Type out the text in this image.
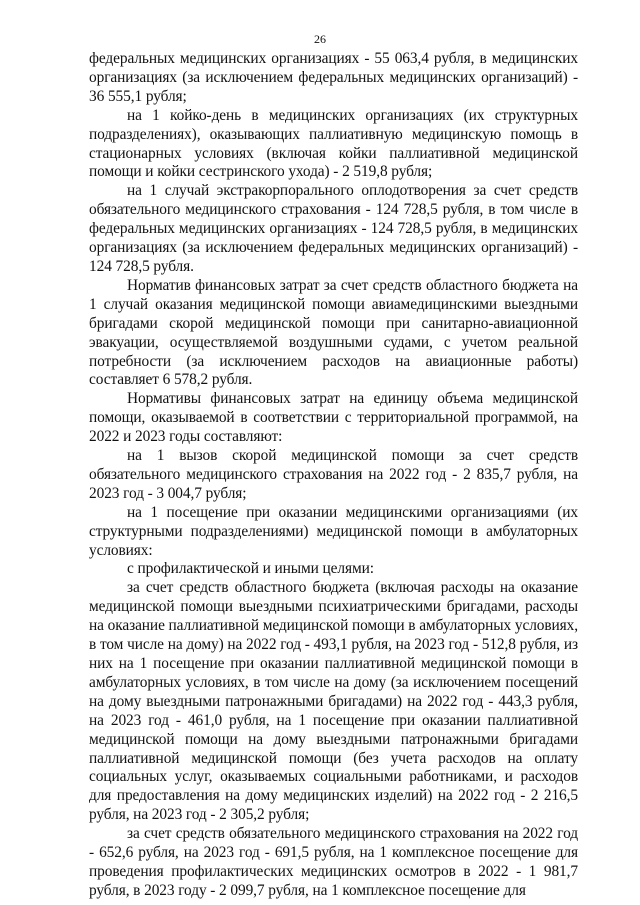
26

федеральных медицинских организациях - 55 063,4 рубля, в медицинских организациях (за исключением федеральных медицинских организаций) - 36 555,1 рубля;

на 1 койко-день в медицинских организациях (их структурных подразделениях), оказывающих паллиативную медицинскую помощь в стационарных условиях (включая койки паллиативной медицинской помощи и койки сестринского ухода) - 2 519,8 рубля;

на 1 случай экстракорпорального оплодотворения за счет средств обязательного медицинского страхования - 124 728,5 рубля, в том числе в федеральных медицинских организациях - 124 728,5 рубля, в медицинских организациях (за исключением федеральных медицинских организаций) - 124 728,5 рубля.

Норматив финансовых затрат за счет средств областного бюджета на 1 случай оказания медицинской помощи авиамедицинскими выездными бригадами скорой медицинской помощи при санитарно-авиационной эвакуации, осуществляемой воздушными судами, с учетом реальной потребности (за исключением расходов на авиационные работы) составляет 6 578,2 рубля.

Нормативы финансовых затрат на единицу объема медицинской помощи, оказываемой в соответствии с территориальной программой, на 2022 и 2023 годы составляют:

на 1 вызов скорой медицинской помощи за счет средств обязательного медицинского страхования на 2022 год - 2 835,7 рубля, на 2023 год - 3 004,7 рубля;

на 1 посещение при оказании медицинскими организациями (их структурными подразделениями) медицинской помощи в амбулаторных условиях:

с профилактической и иными целями:

за счет средств областного бюджета (включая расходы на оказание медицинской помощи выездными психиатрическими бригадами, расходы на оказание паллиативной медицинской помощи в амбулаторных условиях, в том числе на дому) на 2022 год - 493,1 рубля, на 2023 год - 512,8 рубля, из них на 1 посещение при оказании паллиативной медицинской помощи в амбулаторных условиях, в том числе на дому (за исключением посещений на дому выездными патронажными бригадами) на 2022 год - 443,3 рубля, на 2023 год - 461,0 рубля, на 1 посещение при оказании паллиативной медицинской помощи на дому выездными патронажными бригадами паллиативной медицинской помощи (без учета расходов на оплату социальных услуг, оказываемых социальными работниками, и расходов для предоставления на дому медицинских изделий) на 2022 год - 2 216,5 рубля, на 2023 год - 2 305,2 рубля;

за счет средств обязательного медицинского страхования на 2022 год - 652,6 рубля, на 2023 год - 691,5 рубля, на 1 комплексное посещение для проведения профилактических медицинских осмотров в 2022 - 1 981,7 рубля, в 2023 году - 2 099,7 рубля, на 1 комплексное посещение для
